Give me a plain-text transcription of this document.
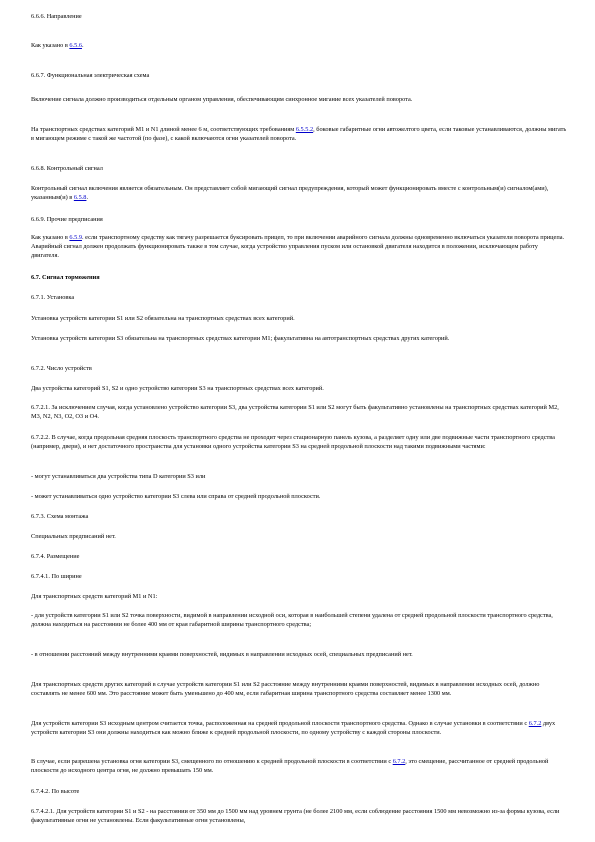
6.6.6. Направление

Как указано в 6.5.6.

6.6.7. Функциональная электрическая схема

Включение сигнала должно производиться отдельным органом управления, обеспечивающим синхронное мигание всех указателей поворота.

На транспортных средствах категорий M1 и N1 длиной менее 6 м, соответствующих требованиям 6.5.5.2, боковые габаритные огни автожелтого цвета, если таковые устанавливаются, должны мигать в мигающем режиме с такой же частотой (по фазе), с какой включаются огни указателей поворота.

6.6.8. Контрольный сигнал

Контрольный сигнал включения является обязательным. Он представляет собой мигающий сигнал предупреждения, который может функционировать вместе с контрольным(и) сигналом(ами), указанным(и) в 6.5.8.

6.6.9. Прочие предписания

Как указано в 6.5.9. если транспортному средству как тягачу разрешается буксировать прицеп, то при включении аварийного сигнала должны одновременно включаться указатели поворота прицепа. Аварийный сигнал должен продолжать функционировать также в том случае, когда устройство управления пуском или остановкой двигателя находится в положении, исключающем работу двигателя.

6.7. Сигнал торможения

6.7.1. Установка

Установка устройств категории S1 или S2 обязательна на транспортных средствах всех категорий.

Установка устройств категории S3 обязательна на транспортных средствах категории M1; факультативна на автотранспортных средствах других категорий.

6.7.2. Число устройств

Два устройства категорий S1, S2 и одно устройство категории S3 на транспортных средствах всех категорий.

6.7.2.1. За исключением случая, когда установлено устройство категории S3, два устройства категории S1 или S2 могут быть факультативно установлены на транспортных средствах категорий M2, M3, N2, N3, O2, O3 и O4.

6.7.2.2. В случае, когда продольная средняя плоскость транспортного средства не проходит через стационарную панель кузова, а разделяет одну или две подвижные части транспортного средства (например, двери), и нет достаточного пространства для установки одного устройства категории S3 на средней продольной плоскости над такими подвижными частями:

- могут устанавливаться два устройства типа D категории S3 или

- может устанавливаться одно устройство категории S3 слева или справа от средней продольной плоскости.

6.7.3. Схема монтажа

Специальных предписаний нет.

6.7.4. Размещение

6.7.4.1. По ширине

Для транспортных средств категорий M1 и N1:

- для устройств категории S1 или S2 точка поверхности, видимой в направлении исходной оси, которая в наибольшей степени удалена от средней продольной плоскости транспортного средства, должна находиться на расстоянии не более 400 мм от края габаритной ширины транспортного средства;

- в отношении расстояний между внутренними краями поверхностей, видимых в направлении исходных осей, специальных предписаний нет.

Для транспортных средств других категорий в случае устройств категории S1 или S2 расстояние между внутренними краями поверхностей, видимых в направлении исходных осей, должно составлять не менее 600 мм. Это расстояние может быть уменьшено до 400 мм, если габаритная ширина транспортного средства составляет менее 1300 мм.

Для устройств категории S3 исходным центром считается точка, расположенная на средней продольной плоскости транспортного средства. Однако в случае установки в соответствии с 6.7.2 двух устройств категории S3 они должны находиться как можно ближе к средней продольной плоскости, по одному устройству с каждой стороны плоскости.

В случае, если разрешена установка огня категории S3, смещенного по отношению к средней продольной плоскости в соответствии с 6.7.2, это смещение, рассчитанное от средней продольной плоскости до исходного центра огня, не должно превышать 150 мм.

6.7.4.2. По высоте

6.7.4.2.1. Для устройств категории S1 и S2 - на расстоянии от 350 мм до 1500 мм над уровнем грунта (не более 2100 мм, если соблюдение расстояния 1500 мм невозможно из-за формы кузова, если факультативные огни не установлены. Если факультативные огни установлены,
